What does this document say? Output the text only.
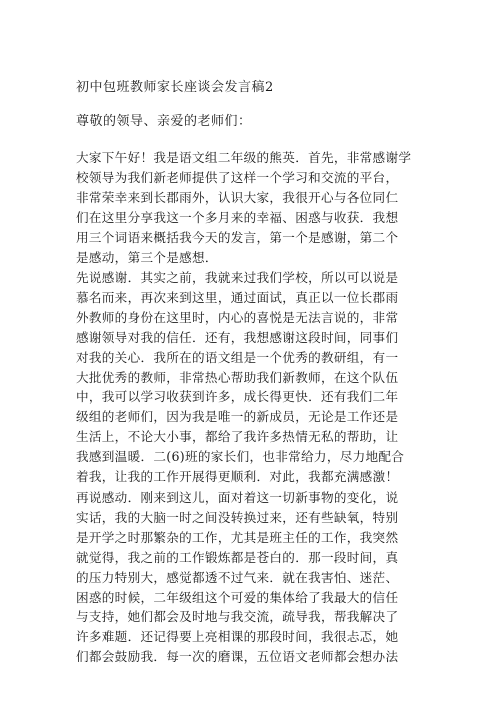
初中包班教师家长座谈会发言稿2
尊敬的领导、亲爱的老师们：
大家下午好！我是语文组二年级的熊英．首先，非常感谢学
校领导为我们新老师提供了这样一个学习和交流的平台，
非常荣幸来到长郡雨外，认识大家，我很开心与各位同仁
们在这里分享我这一个多月来的幸福、困惑与收获．我想
用三个词语来概括我今天的发言，第一个是感谢，第二个
是感动，第三个是感想．
先说感谢．其实之前，我就来过我们学校，所以可以说是
慕名而来，再次来到这里，通过面试，真正以一位长郡雨
外教师的身份在这里时，内心的喜悦是无法言说的，非常
感谢领导对我的信任．还有，我想感谢这段时间，同事们
对我的关心．我所在的语文组是一个优秀的教研组，有一
大批优秀的教师，非常热心帮助我们新教师，在这个队伍
中，我可以学习收获到许多，成长得更快．还有我们二年
级组的老师们，因为我是唯一的新成员，无论是工作还是
生活上，不论大小事，都给了我许多热情无私的帮助，让
我感到温暖．二(6)班的家长们，也非常给力，尽力地配合
着我，让我的工作开展得更顺利．对此，我都充满感激！
再说感动．刚来到这儿，面对着这一切新事物的变化，说
实话，我的大脑一时之间没转换过来，还有些缺氧，特别
是开学之时那繁杂的工作，尤其是班主任的工作，我突然
就觉得，我之前的工作锻炼都是苍白的．那一段时间，真
的压力特别大，感觉都透不过气来．就在我害怕、迷茫、
困惑的时候，二年级组这个可爱的集体给了我最大的信任
与支持，她们都会及时地与我交流，疏导我，帮我解决了
许多难题．还记得要上亮相课的那段时间，我很忐忑，她
们都会鼓励我．每一次的磨课，五位语文老师都会想办法
